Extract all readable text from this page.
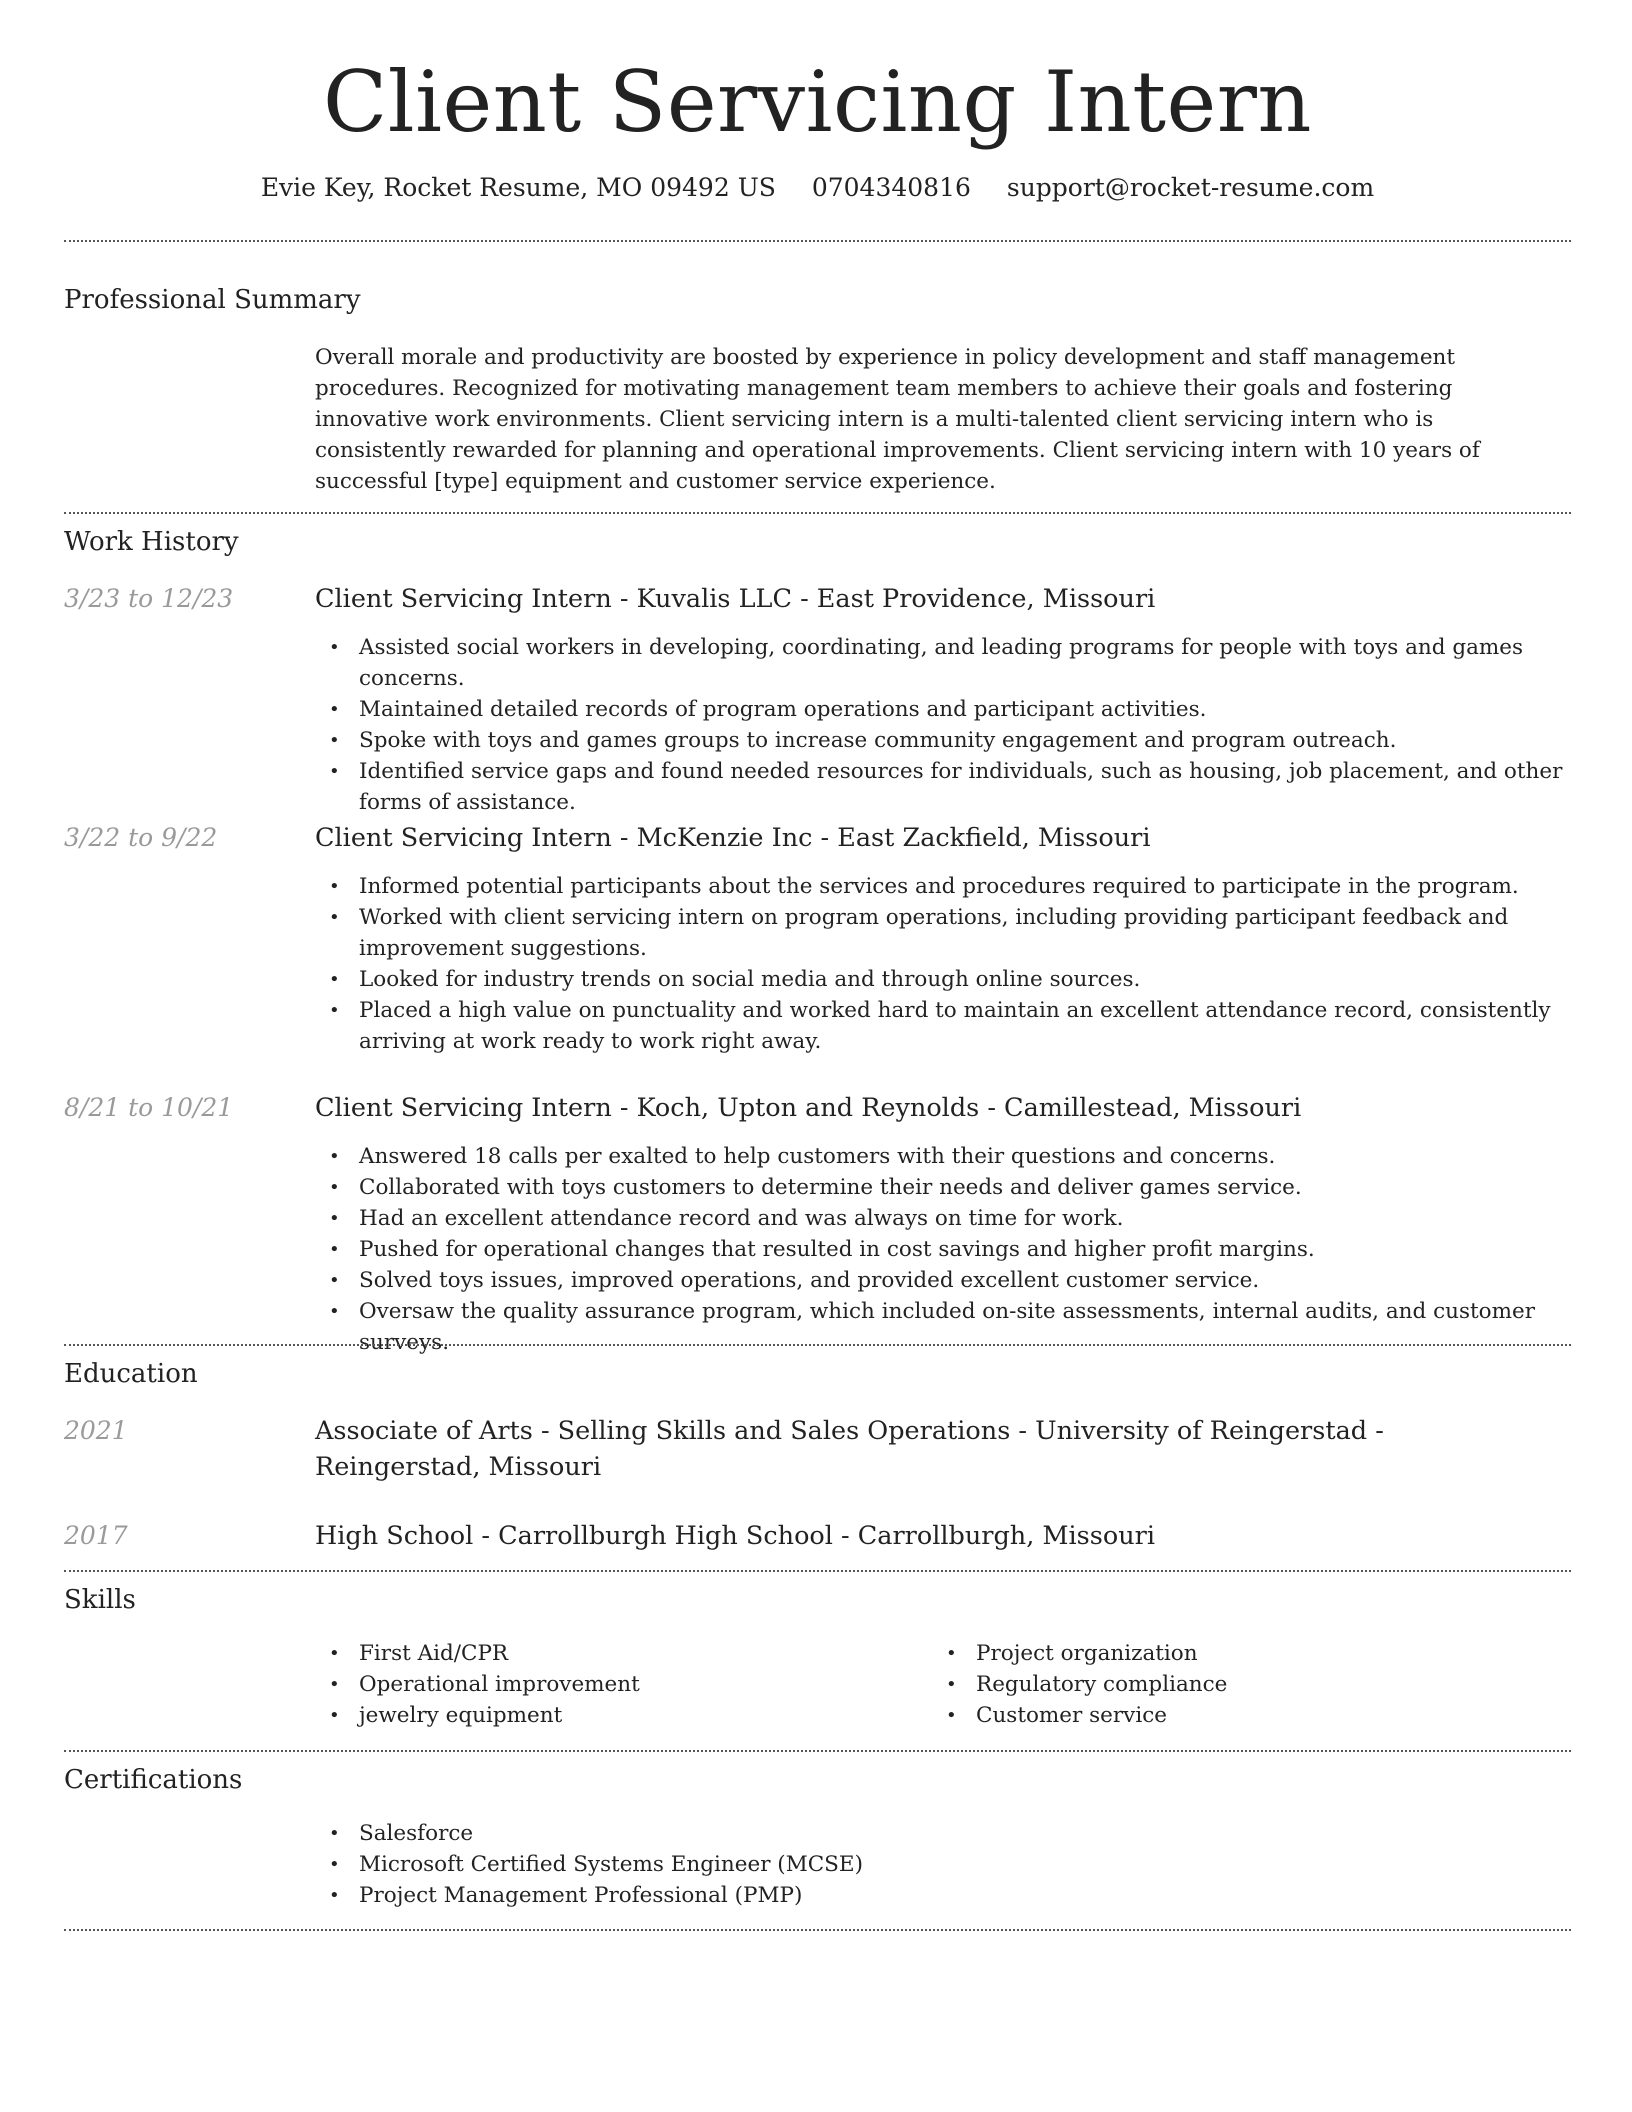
Client Servicing Intern
Evie Key, Rocket Resume, MO 09492 US 0704340816 support@rocket-resume.com
Professional Summary

Overall morale and productivity are boosted by experience in policy development and staff management procedures. Recognized for motivating management team members to achieve their goals and fostering innovative work environments. Client servicing intern is a multi-talented client servicing intern who is consistently rewarded for planning and operational improvements. Client servicing intern with 10 years of successful [type] equipment and customer service experience.

Work History
3/23 to 12/23	Client Servicing Intern - Kuvalis LLC - East Providence, Missouri
• Assisted social workers in developing, coordinating, and leading programs for people with toys and games concerns.
• Maintained detailed records of program operations and participant activities.
• Spoke with toys and games groups to increase community engagement and program outreach.
• Identified service gaps and found needed resources for individuals, such as housing, job placement, and other forms of assistance.
3/22 to 9/22	Client Servicing Intern - McKenzie Inc - East Zackfield, Missouri
• Informed potential participants about the services and procedures required to participate in the program.
• Worked with client servicing intern on program operations, including providing participant feedback and improvement suggestions.
• Looked for industry trends on social media and through online sources.
• Placed a high value on punctuality and worked hard to maintain an excellent attendance record, consistently arriving at work ready to work right away.
8/21 to 10/21	Client Servicing Intern - Koch, Upton and Reynolds - Camillestead, Missouri
• Answered 18 calls per exalted to help customers with their questions and concerns.
• Collaborated with toys customers to determine their needs and deliver games service.
• Had an excellent attendance record and was always on time for work.
• Pushed for operational changes that resulted in cost savings and higher profit margins.
• Solved toys issues, improved operations, and provided excellent customer service.
• Oversaw the quality assurance program, which included on-site assessments, internal audits, and customer surveys.
Education
2021	Associate of Arts - Selling Skills and Sales Operations - University of Reingerstad - Reingerstad, Missouri
2017	High School - Carrollburgh High School - Carrollburgh, Missouri
Skills
• First Aid/CPR
• Operational improvement
• jewelry equipment
• Project organization
• Regulatory compliance
• Customer service
Certifications
• Salesforce
• Microsoft Certified Systems Engineer (MCSE)
• Project Management Professional (PMP)
